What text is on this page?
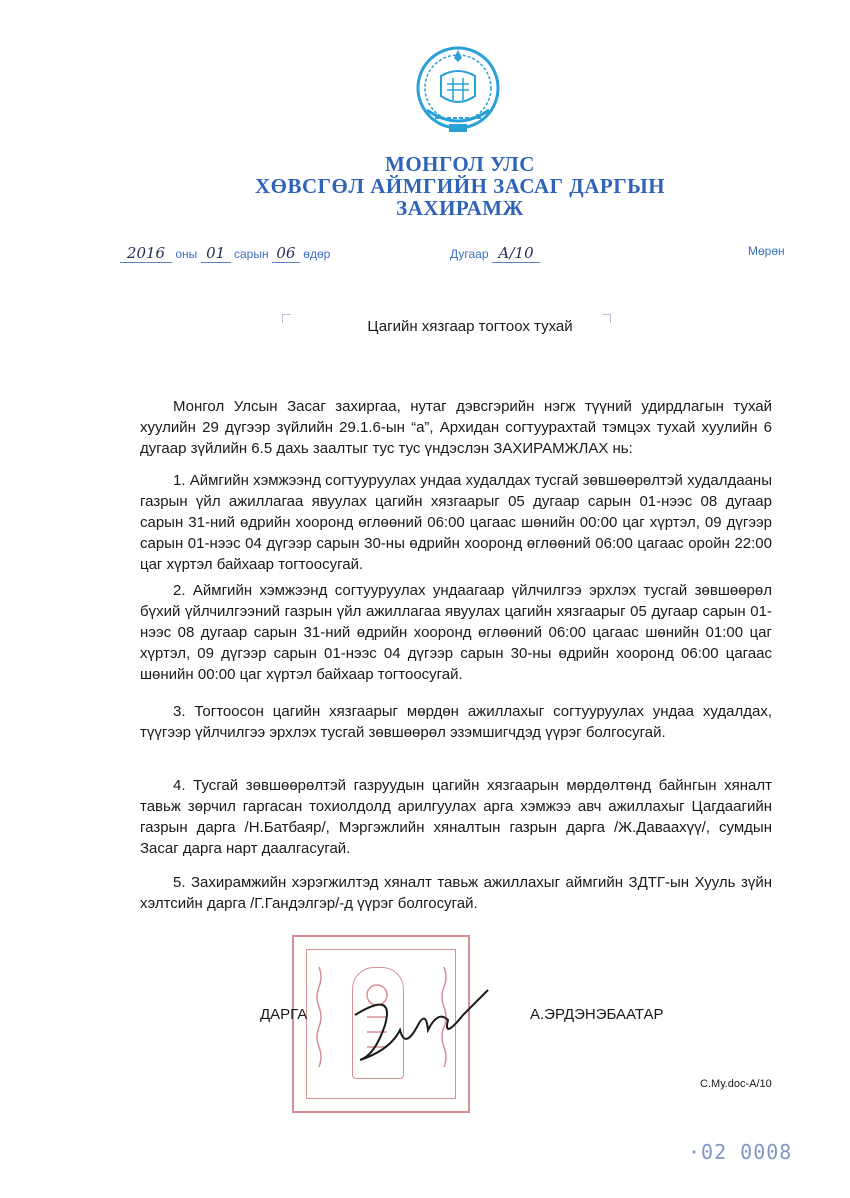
МОНГОЛ УЛС
ХӨВСГӨЛ АЙМГИЙН ЗАСАГ ДАРГЫН
ЗАХИРАМЖ
2016 оны 01 сарын 06 өдөр	Дугаар А/10	Мөрөн
Цагийн хязгаар тогтоох тухай

Монгол Улсын Засаг захиргаа, нутаг дэвсгэрийн нэгж түүний удирдлагын тухай хуулийн 29 дүгээр зүйлийн 29.1.6-ын “а”, Архидан согтуурахтай тэмцэх тухай хуулийн 6 дугаар зүйлийн 6.5 дахь заалтыг тус тус үндэслэн ЗАХИРАМЖЛАХ нь:

1. Аймгийн хэмжээнд согтууруулах ундаа худалдах тусгай зөвшөөрөлтэй худалдааны газрын үйл ажиллагаа явуулах цагийн хязгаарыг 05 дугаар сарын 01-нээс 08 дугаар сарын 31-ний өдрийн хооронд өглөөний 06:00 цагаас шөнийн 00:00 цаг хүртэл, 09 дүгээр сарын 01-нээс 04 дүгээр сарын 30-ны өдрийн хооронд өглөөний 06:00 цагаас оройн 22:00 цаг хүртэл байхаар тогтоосугай.

2. Аймгийн хэмжээнд согтууруулах ундаагаар үйлчилгээ эрхлэх тусгай зөвшөөрөл бүхий үйлчилгээний газрын үйл ажиллагаа явуулах цагийн хязгаарыг 05 дугаар сарын 01-нээс 08 дугаар сарын 31-ний өдрийн хооронд өглөөний 06:00 цагаас шөнийн 01:00 цаг хүртэл, 09 дүгээр сарын 01-нээс 04 дүгээр сарын 30-ны өдрийн хооронд 06:00 цагаас шөнийн 00:00 цаг хүртэл байхаар тогтоосугай.

3. Тогтоосон цагийн хязгаарыг мөрдөн ажиллахыг согтууруулах ундаа худалдах, түүгээр үйлчилгээ эрхлэх тусгай зөвшөөрөл эзэмшигчдэд үүрэг болгосугай.

4. Тусгай зөвшөөрөлтэй газруудын цагийн хязгаарын мөрдөлтөнд байнгын хяналт тавьж зөрчил гаргасан тохиолдолд арилгуулах арга хэмжээ авч ажиллахыг Цагдаагийн газрын дарга /Н.Батбаяр/, Мэргэжлийн хяналтын газрын дарга /Ж.Даваахүү/, сумдын Засаг дарга нарт даалгасугай.

5. Захирамжийн хэрэгжилтэд хяналт тавьж ажиллахыг аймгийн ЗДТГ-ын Хууль зүйн хэлтсийн дарга /Г.Гандэлгэр/-д үүрэг болгосугай.

ДАРГА	А.ЭРДЭНЭБААТАР
С.Му.doc-А/10
·02 0008
